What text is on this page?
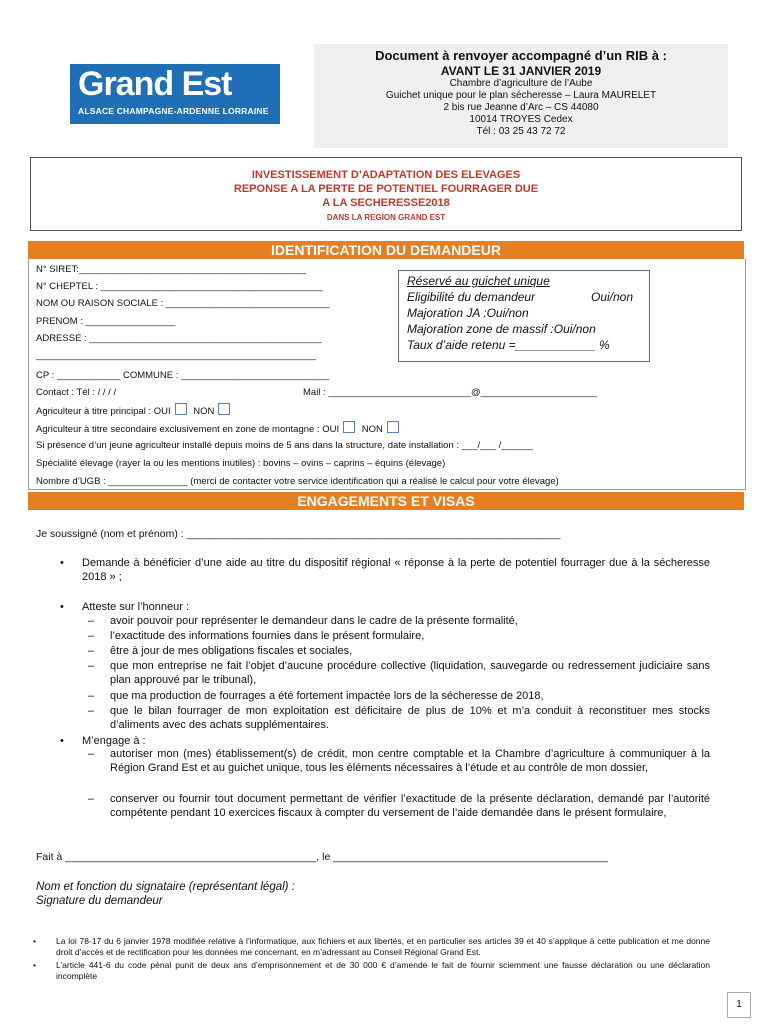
Grand Est
ALSACE CHAMPAGNE-ARDENNE LORRAINE
Document à renvoyer accompagné d’un RIB à :
AVANT LE 31 JANVIER 2019
Chambre d’agriculture de l’Aube
Guichet unique pour le plan sécheresse – Laura MAURELET
2 bis rue Jeanne d’Arc – CS 44080
10014 TROYES Cedex
Tél : 03 25 43 72 72
INVESTISSEMENT D’ADAPTATION DES ELEVAGES
REPONSE A LA PERTE DE POTENTIEL FOURRAGER DUE
A LA SECHERESSE2018
DANS LA REGION GRAND EST
IDENTIFICATION DU DEMANDEUR
N° SIRET:___________________________________________
N° CHEPTEL : __________________________________________
NOM OU RAISON SOCIALE : _______________________________
PRENOM : _________________
ADRESSE : ____________________________________________
_____________________________________________________
Réservé au guichet unique
Eligibilité du demandeur	Oui/non
Majoration JA :Oui/non
Majoration zone de massif :Oui/non
Taux d’aide retenu =____________ %
CP : ____________ COMMUNE : ____________________________
Contact : Tél : / / / /	Mail : ___________________________@______________________
Agriculteur à titre principal : OUI NON
Agriculteur à titre secondaire exclusivement en zone de montagne : OUI NON
Si présence d’un jeune agriculteur installé depuis moins de 5 ans dans la structure, date installation : ___/___ /______
Spécialité élevage (rayer la ou les mentions inutiles) : bovins – ovins – caprins – équins (élevage)
Nombre d’UGB : _______________ (merci de contacter votre service identification qui a réalisé le calcul pour votre élevage)
ENGAGEMENTS ET VISAS
Je soussigné (nom et prénom) : ________________________________________________________________
• Demande à bénéficier d’une aide au titre du dispositif régional « réponse à la perte de potentiel fourrager due à la sécheresse 2018 » ;
• Atteste sur l’honneur :
– avoir pouvoir pour représenter le demandeur dans le cadre de la présente formalité,
– l’exactitude des informations fournies dans le présent formulaire,
– être à jour de mes obligations fiscales et sociales,
– que mon entreprise ne fait l’objet d’aucune procédure collective (liquidation, sauvegarde ou redressement judiciaire sans plan approuvé par le tribunal),
– que ma production de fourrages a été fortement impactée lors de la sécheresse de 2018,
– que le bilan fourrager de mon exploitation est déficitaire de plus de 10% et m’a conduit à reconstituer mes stocks d’aliments avec des achats supplémentaires.
• M’engage à :
– autoriser mon (mes) établissement(s) de crédit, mon centre comptable et la Chambre d’agriculture à communiquer à la Région Grand Est et au guichet unique, tous les éléments nécessaires à l’étude et au contrôle de mon dossier,
– conserver ou fournir tout document permettant de vérifier l’exactitude de la présente déclaration, demandé par l’autorité compétente pendant 10 exercices fiscaux à compter du versement de l’aide demandée dans le présent formulaire,
Fait à ___________________________________________, le _______________________________________________
Nom et fonction du signataire (représentant légal) :
Signature du demandeur
• La loi 78-17 du 6 janvier 1978 modifiée relative à l’informatique, aux fichiers et aux libertés, et en particulier ses articles 39 et 40 s’applique à cette publication et me donne droit d’accès et de rectification pour les données me concernant, en m’adressant au Conseil Régional Grand Est.
• L’article 441-6 du code pénal punit de deux ans d’emprisonnement et de 30 000 € d’amende le fait de fournir sciemment une fausse déclaration ou une déclaration incomplète
1
